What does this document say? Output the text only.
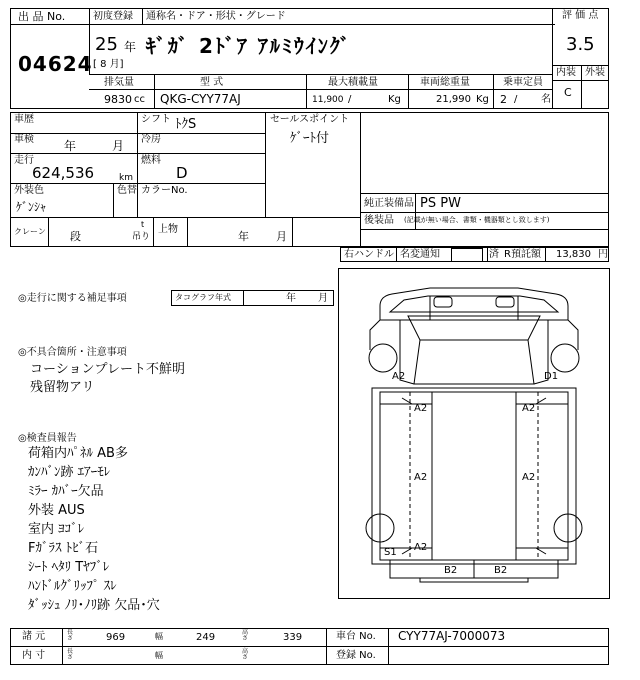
出 品 No.
04624
初度登録 通称名・ドア・形状・グレード
25 年
[ 8 月]
ｷﾞｶﾞ 2ﾄﾞｱ ｱﾙﾐｳｲﾝｸﾞ
評 価 点
3.5
内装 外装
C
排気量	型 式	最大積載量	車両総重量	乗車定員
9830 cc QKG-CYY77AJ	11,900 /	Kg	21,990 Kg 2 / 名
車歴	シフト ﾄｸS	セールスポイント
ｹﾞｰﾄ付
車検	年	月 冷房
走行
624,536	km
燃料
D
外装色
ｹﾞﾝｼｬ
色替 カラーNo.
純正装備品 PS PW
後装品 (記載が無い場合、書類・機器類とし致します)
クレーン 段
t
吊り
上物
年 月
右ハンドル 名変通知	済 R預託額 13,830 円
◎走行に関する補足事項	タコグラフ年式	年 月
◎不具合箇所・注意事項
コーションプレート不鮮明
残留物アリ
◎検査員報告
荷箱内ﾊﾟﾈﾙ AB多
ｶﾝﾊﾞﾝ跡 ｴｱｰﾓﾚ
ﾐﾗｰ ｶﾊﾞｰ欠品
外装 AUS
室内 ﾖｺﾞﾚ
Fｶﾞﾗｽ ﾄﾋﾞ石
ｼｰﾄ ﾍﾀﾘ Tﾔﾌﾞﾚ
ﾊﾝﾄﾞﾙｸﾞﾘｯﾌﾟ ｽﾚ
ﾀﾞｯｼｭ ﾉﾘ･ﾉﾘ跡 欠品･穴
A2	D1
A2	A2
A2	A2
S1 A2
B2	B2
諸 元
内 寸
長さ	969	幅	249	高さ	339
長さ	幅	高さ
車台 No. CYY77AJ-7000073
登録 No.
